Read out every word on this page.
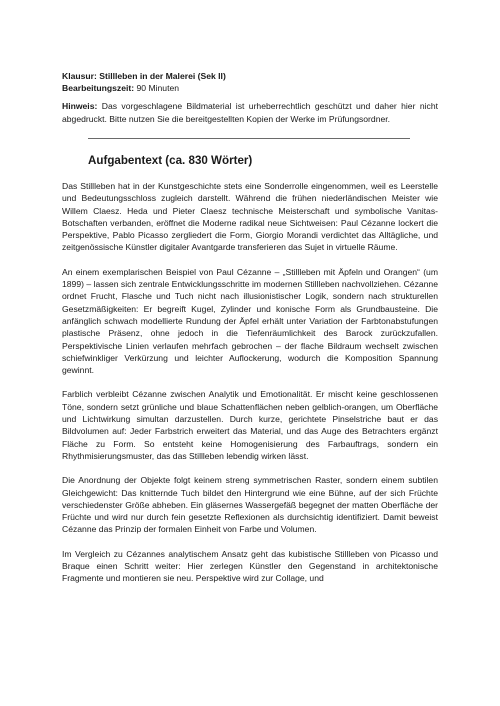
Klausur: Stillleben in der Malerei (Sek II)

Bearbeitungszeit: 90 Minuten

Hinweis: Das vorgeschlagene Bildmaterial ist urheberrechtlich geschützt und daher hier nicht abgedruckt. Bitte nutzen Sie die bereitgestellten Kopien der Werke im Prüfungsordner.

Aufgabentext (ca. 830 Wörter)

Das Stillleben hat in der Kunstgeschichte stets eine Sonderrolle eingenommen, weil es Leerstelle und Bedeutungsschloss zugleich darstellt. Während die frühen niederländischen Meister wie Willem Claesz. Heda und Pieter Claesz technische Meisterschaft und symbolische Vanitas-Botschaften verbanden, eröffnet die Moderne radikal neue Sichtweisen: Paul Cézanne lockert die Perspektive, Pablo Picasso zergliedert die Form, Giorgio Morandi verdichtet das Alltägliche, und zeitgenössische Künstler digitaler Avantgarde transferieren das Sujet in virtuelle Räume.

An einem exemplarischen Beispiel von Paul Cézanne – „Stillleben mit Äpfeln und Orangen“ (um 1899) – lassen sich zentrale Entwicklungsschritte im modernen Stillleben nachvollziehen. Cézanne ordnet Frucht, Flasche und Tuch nicht nach illusionistischer Logik, sondern nach strukturellen Gesetzmäßigkeiten: Er begreift Kugel, Zylinder und konische Form als Grundbausteine. Die anfänglich schwach modellierte Rundung der Äpfel erhält unter Variation der Farbtonabstufungen plastische Präsenz, ohne jedoch in die Tiefenräumlichkeit des Barock zurückzufallen. Perspektivische Linien verlaufen mehrfach gebrochen – der flache Bildraum wechselt zwischen schiefwinkliger Verkürzung und leichter Auflockerung, wodurch die Komposition Spannung gewinnt.

Farblich verbleibt Cézanne zwischen Analytik und Emotionalität. Er mischt keine geschlossenen Töne, sondern setzt grünliche und blaue Schattenflächen neben gelblich-orangen, um Oberfläche und Lichtwirkung simultan darzustellen. Durch kurze, gerichtete Pinselstriche baut er das Bildvolumen auf: Jeder Farbstrich erweitert das Material, und das Auge des Betrachters ergänzt Fläche zu Form. So entsteht keine Homogenisierung des Farbauftrags, sondern ein Rhythmisierungsmuster, das das Stillleben lebendig wirken lässt.

Die Anordnung der Objekte folgt keinem streng symmetrischen Raster, sondern einem subtilen Gleichgewicht: Das knitternde Tuch bildet den Hintergrund wie eine Bühne, auf der sich Früchte verschiedenster Größe abheben. Ein gläsernes Wassergefäß begegnet der matten Oberfläche der Früchte und wird nur durch fein gesetzte Reflexionen als durchsichtig identifiziert. Damit beweist Cézanne das Prinzip der formalen Einheit von Farbe und Volumen.

Im Vergleich zu Cézannes analytischem Ansatz geht das kubistische Stillleben von Picasso und Braque einen Schritt weiter: Hier zerlegen Künstler den Gegenstand in architektonische Fragmente und montieren sie neu. Perspektive wird zur Collage, und
